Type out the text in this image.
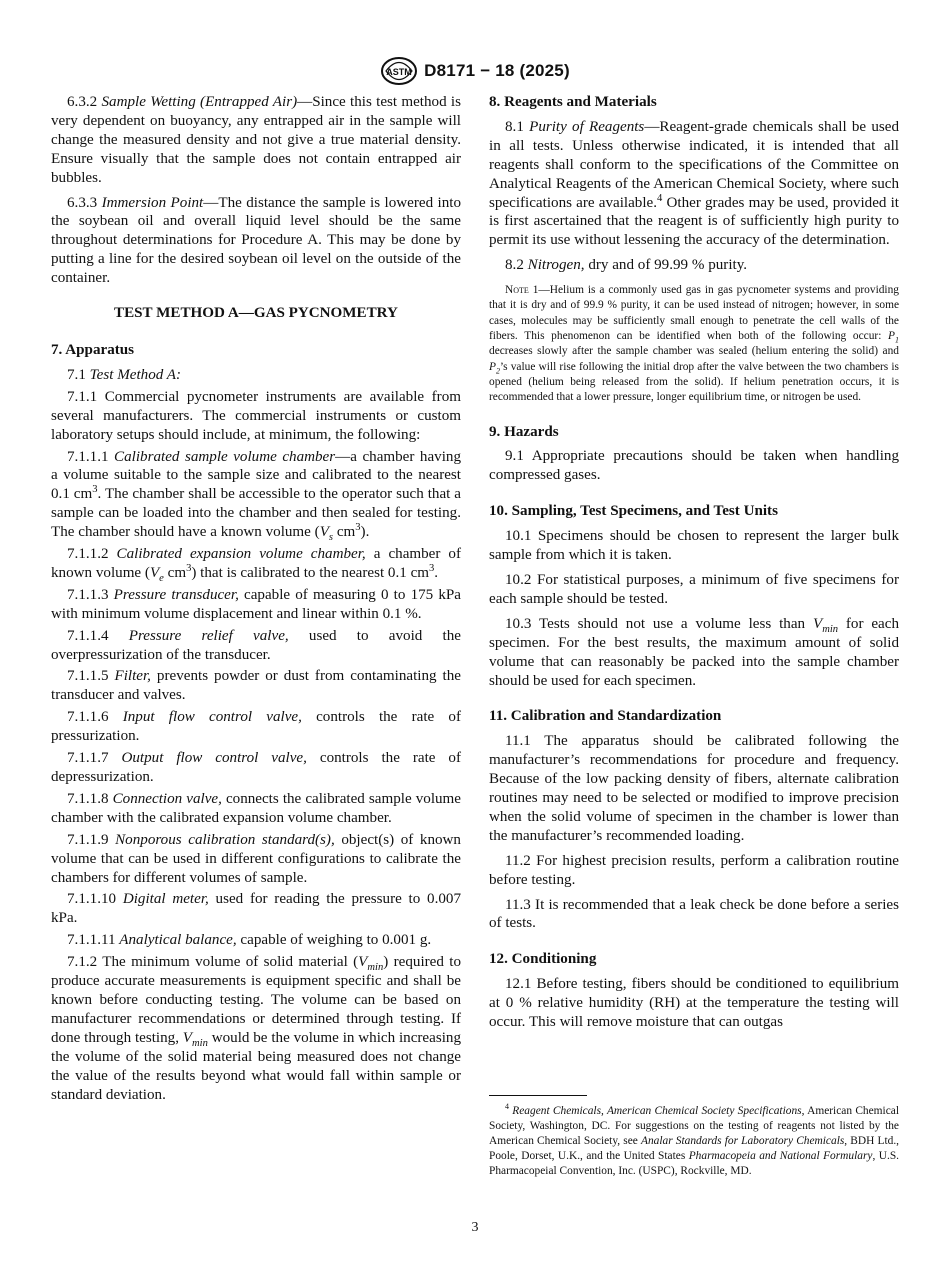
ASTM D8171 − 18 (2025)

6.3.2 Sample Wetting (Entrapped Air)—Since this test method is very dependent on buoyancy, any entrapped air in the sample will change the measured density and not give a true material density. Ensure visually that the sample does not contain entrapped air bubbles.

6.3.3 Immersion Point—The distance the sample is lowered into the soybean oil and overall liquid level should be the same throughout determinations for Procedure A. This may be done by putting a line for the desired soybean oil level on the outside of the container.

TEST METHOD A—GAS PYCNOMETRY
7. Apparatus

7.1 Test Method A:

7.1.1 Commercial pycnometer instruments are available from several manufacturers. The commercial instruments or custom laboratory setups should include, at minimum, the following:

7.1.1.1 Calibrated sample volume chamber—a chamber having a volume suitable to the sample size and calibrated to the nearest 0.1 $cm^3$. The chamber shall be accessible to the operator such that a sample can be loaded into the chamber and then sealed for testing. The chamber should have a known volume ($V_s$ $cm^3$).

7.1.1.2 Calibrated expansion volume chamber, a chamber of known volume ($V_e$ $cm^3$) that is calibrated to the nearest 0.1 $cm^3$.

7.1.1.3 Pressure transducer, capable of measuring 0 to 175 kPa with minimum volume displacement and linear within 0.1 %.

7.1.1.4 Pressure relief valve, used to avoid the overpressurization of the transducer.

7.1.1.5 Filter, prevents powder or dust from contaminating the transducer and valves.

7.1.1.6 Input flow control valve, controls the rate of pressurization.

7.1.1.7 Output flow control valve, controls the rate of depressurization.

7.1.1.8 Connection valve, connects the calibrated sample volume chamber with the calibrated expansion volume chamber.

7.1.1.9 Nonporous calibration standard(s), object(s) of known volume that can be used in different configurations to calibrate the chambers for different volumes of sample.

7.1.1.10 Digital meter, used for reading the pressure to 0.007 kPa.

7.1.1.11 Analytical balance, capable of weighing to 0.001 g.

7.1.2 The minimum volume of solid material $(V_{min})$ required to produce accurate measurements is equipment specific and shall be known before conducting testing. The volume can be based on manufacturer recommendations or determined through testing. If done through testing, $V_{min}$ would be the volume in which increasing the volume of the solid material being measured does not change the value of the results beyond what would fall within sample or standard deviation.

8. Reagents and Materials

8.1 Purity of Reagents—Reagent-grade chemicals shall be used in all tests. Unless otherwise indicated, it is intended that all reagents shall conform to the specifications of the Committee on Analytical Reagents of the American Chemical Society, where such specifications are available.$^4$ Other grades may be used, provided it is first ascertained that the reagent is of sufficiently high purity to permit its use without lessening the accuracy of the determination.

8.2 Nitrogen, dry and of 99.99 % purity.

Note 1—Helium is a commonly used gas in gas pycnometer systems and providing that it is dry and of 99.9 % purity, it can be used instead of nitrogen; however, in some cases, molecules may be sufficiently small enough to penetrate the cell walls of the fibers. This phenomenon can be identified when both of the following occur: $P_1$ decreases slowly after the sample chamber was sealed (helium entering the solid) and $P_2’s$ value will rise following the initial drop after the valve between the two chambers is opened (helium being released from the solid). If helium penetration occurs, it is recommended that a lower pressure, longer equilibrium time, or nitrogen be used.

9. Hazards

9.1 Appropriate precautions should be taken when handling compressed gases.

10. Sampling, Test Specimens, and Test Units

10.1 Specimens should be chosen to represent the larger bulk sample from which it is taken.

10.2 For statistical purposes, a minimum of five specimens for each sample should be tested.

10.3 Tests should not use a volume less than $V_{min}$ for each specimen. For the best results, the maximum amount of solid volume that can reasonably be packed into the sample chamber should be used for each specimen.

11. Calibration and Standardization

11.1 The apparatus should be calibrated following the manufacturer’s recommendations for procedure and frequency. Because of the low packing density of fibers, alternate calibration routines may need to be selected or modified to improve precision when the solid volume of specimen in the chamber is lower than the manufacturer’s recommended loading.

11.2 For highest precision results, perform a calibration routine before testing.

11.3 It is recommended that a leak check be done before a series of tests.

12. Conditioning

12.1 Before testing, fibers should be conditioned to equilibrium at 0 % relative humidity (RH) at the temperature the testing will occur. This will remove moisture that can outgas

$^4$ Reagent Chemicals, American Chemical Society Specifications, American Chemical Society, Washington, DC. For suggestions on the testing of reagents not listed by the American Chemical Society, see Analar Standards for Laboratory Chemicals, BDH Ltd., Poole, Dorset, U.K., and the United States Pharmacopeia and National Formulary, U.S. Pharmacopeial Convention, Inc. (USPC), Rockville, MD.

3
